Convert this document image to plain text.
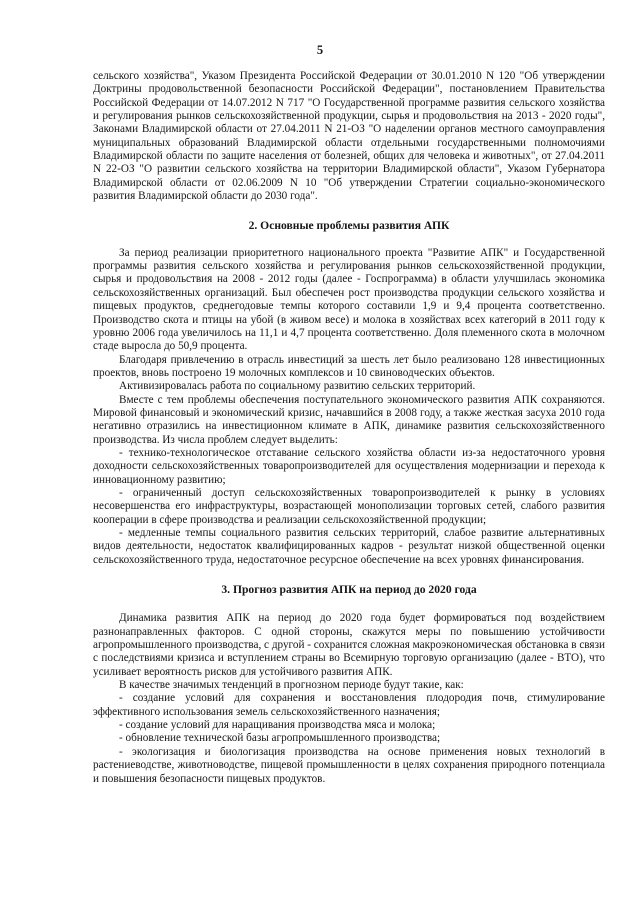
5

сельского хозяйства", Указом Президента Российской Федерации от 30.01.2010 N 120 "Об утверждении Доктрины продовольственной безопасности Российской Федерации", постановлением Правительства Российской Федерации от 14.07.2012 N 717 "О Государственной программе развития сельского хозяйства и регулирования рынков сельскохозяйственной продукции, сырья и продовольствия на 2013 - 2020 годы", Законами Владимирской области от 27.04.2011 N 21-ОЗ "О наделении органов местного самоуправления муниципальных образований Владимирской области отдельными государственными полномочиями Владимирской области по защите населения от болезней, общих для человека и животных", от 27.04.2011 N 22-ОЗ "О развитии сельского хозяйства на территории Владимирской области", Указом Губернатора Владимирской области от 02.06.2009 N 10 "Об утверждении Стратегии социально-экономического развития Владимирской области до 2030 года".

2. Основные проблемы развития АПК

За период реализации приоритетного национального проекта "Развитие АПК" и Государственной программы развития сельского хозяйства и регулирования рынков сельскохозяйственной продукции, сырья и продовольствия на 2008 - 2012 годы (далее - Госпрограмма) в области улучшилась экономика сельскохозяйственных организаций. Был обеспечен рост производства продукции сельского хозяйства и пищевых продуктов, среднегодовые темпы которого составили 1,9 и 9,4 процента соответственно. Производство скота и птицы на убой (в живом весе) и молока в хозяйствах всех категорий в 2011 году к уровню 2006 года увеличилось на 11,1 и 4,7 процента соответственно. Доля племенного скота в молочном стаде выросла до 50,9 процента.

Благодаря привлечению в отрасль инвестиций за шесть лет было реализовано 128 инвестиционных проектов, вновь построено 19 молочных комплексов и 10 свиноводческих объектов.

Активизировалась работа по социальному развитию сельских территорий.

Вместе с тем проблемы обеспечения поступательного экономического развития АПК сохраняются. Мировой финансовый и экономический кризис, начавшийся в 2008 году, а также жесткая засуха 2010 года негативно отразились на инвестиционном климате в АПК, динамике развития сельскохозяйственного производства. Из числа проблем следует выделить:

- технико-технологическое отставание сельского хозяйства области из-за недостаточного уровня доходности сельскохозяйственных товаропроизводителей для осуществления модернизации и перехода к инновационному развитию;

- ограниченный доступ сельскохозяйственных товаропроизводителей к рынку в условиях несовершенства его инфраструктуры, возрастающей монополизации торговых сетей, слабого развития кооперации в сфере производства и реализации сельскохозяйственной продукции;

- медленные темпы социального развития сельских территорий, слабое развитие альтернативных видов деятельности, недостаток квалифицированных кадров - результат низкой общественной оценки сельскохозяйственного труда, недостаточное ресурсное обеспечение на всех уровнях финансирования.

3. Прогноз развития АПК на период до 2020 года

Динамика развития АПК на период до 2020 года будет формироваться под воздействием разнонаправленных факторов. С одной стороны, скажутся меры по повышению устойчивости агропромышленного производства, с другой - сохранится сложная макроэкономическая обстановка в связи с последствиями кризиса и вступлением страны во Всемирную торговую организацию (далее - ВТО), что усиливает вероятность рисков для устойчивого развития АПК.

В качестве значимых тенденций в прогнозном периоде будут такие, как:

- создание условий для сохранения и восстановления плодородия почв, стимулирование эффективного использования земель сельскохозяйственного назначения;

- создание условий для наращивания производства мяса и молока;

- обновление технической базы агропромышленного производства;

- экологизация и биологизация производства на основе применения новых технологий в растениеводстве, животноводстве, пищевой промышленности в целях сохранения природного потенциала и повышения безопасности пищевых продуктов.
